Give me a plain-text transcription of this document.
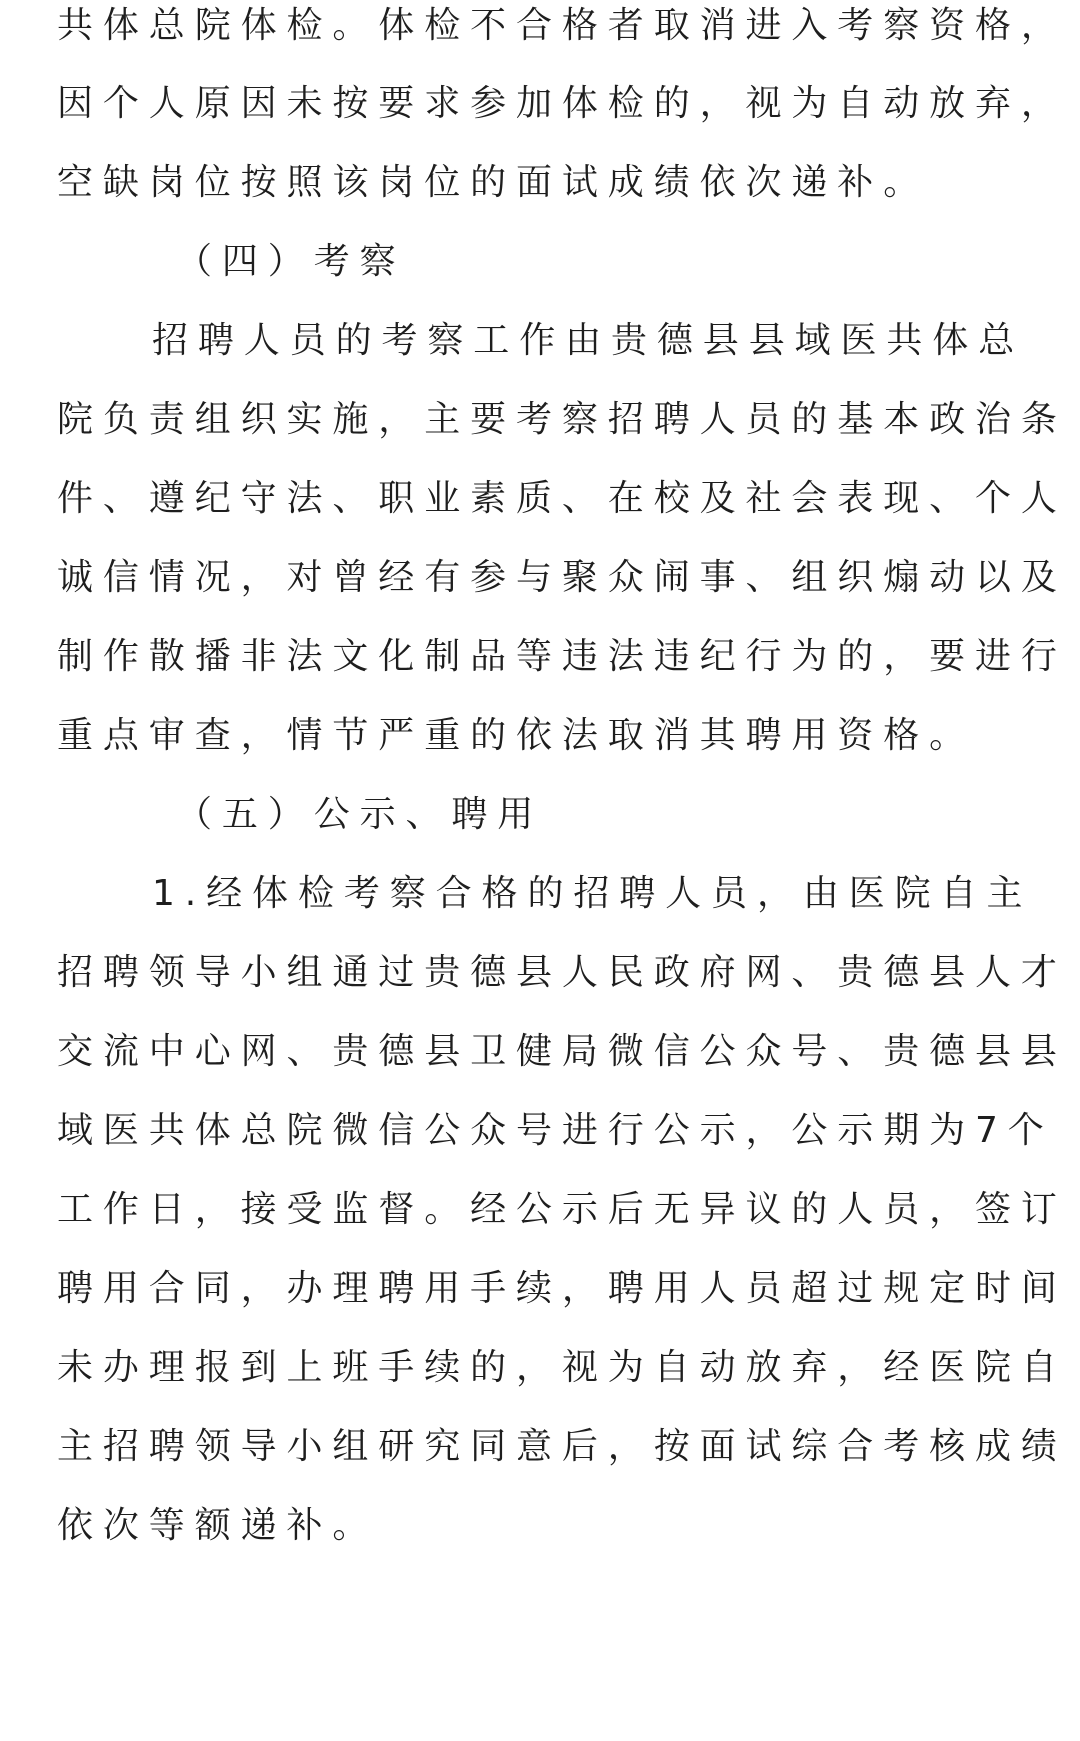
共体总院体检。体检不合格者取消进入考察资格，
因个人原因未按要求参加体检的，视为自动放弃，
空缺岗位按照该岗位的面试成绩依次递补。
（四）考察
招聘人员的考察工作由贵德县县域医共体总
院负责组织实施，主要考察招聘人员的基本政治条
件、遵纪守法、职业素质、在校及社会表现、个人
诚信情况，对曾经有参与聚众闹事、组织煽动以及
制作散播非法文化制品等违法违纪行为的，要进行
重点审查，情节严重的依法取消其聘用资格。
（五）公示、聘用
1.经体检考察合格的招聘人员，由医院自主
招聘领导小组通过贵德县人民政府网、贵德县人才
交流中心网、贵德县卫健局微信公众号、贵德县县
域医共体总院微信公众号进行公示，公示期为7个
工作日，接受监督。经公示后无异议的人员，签订
聘用合同，办理聘用手续，聘用人员超过规定时间
未办理报到上班手续的，视为自动放弃，经医院自
主招聘领导小组研究同意后，按面试综合考核成绩
依次等额递补。
